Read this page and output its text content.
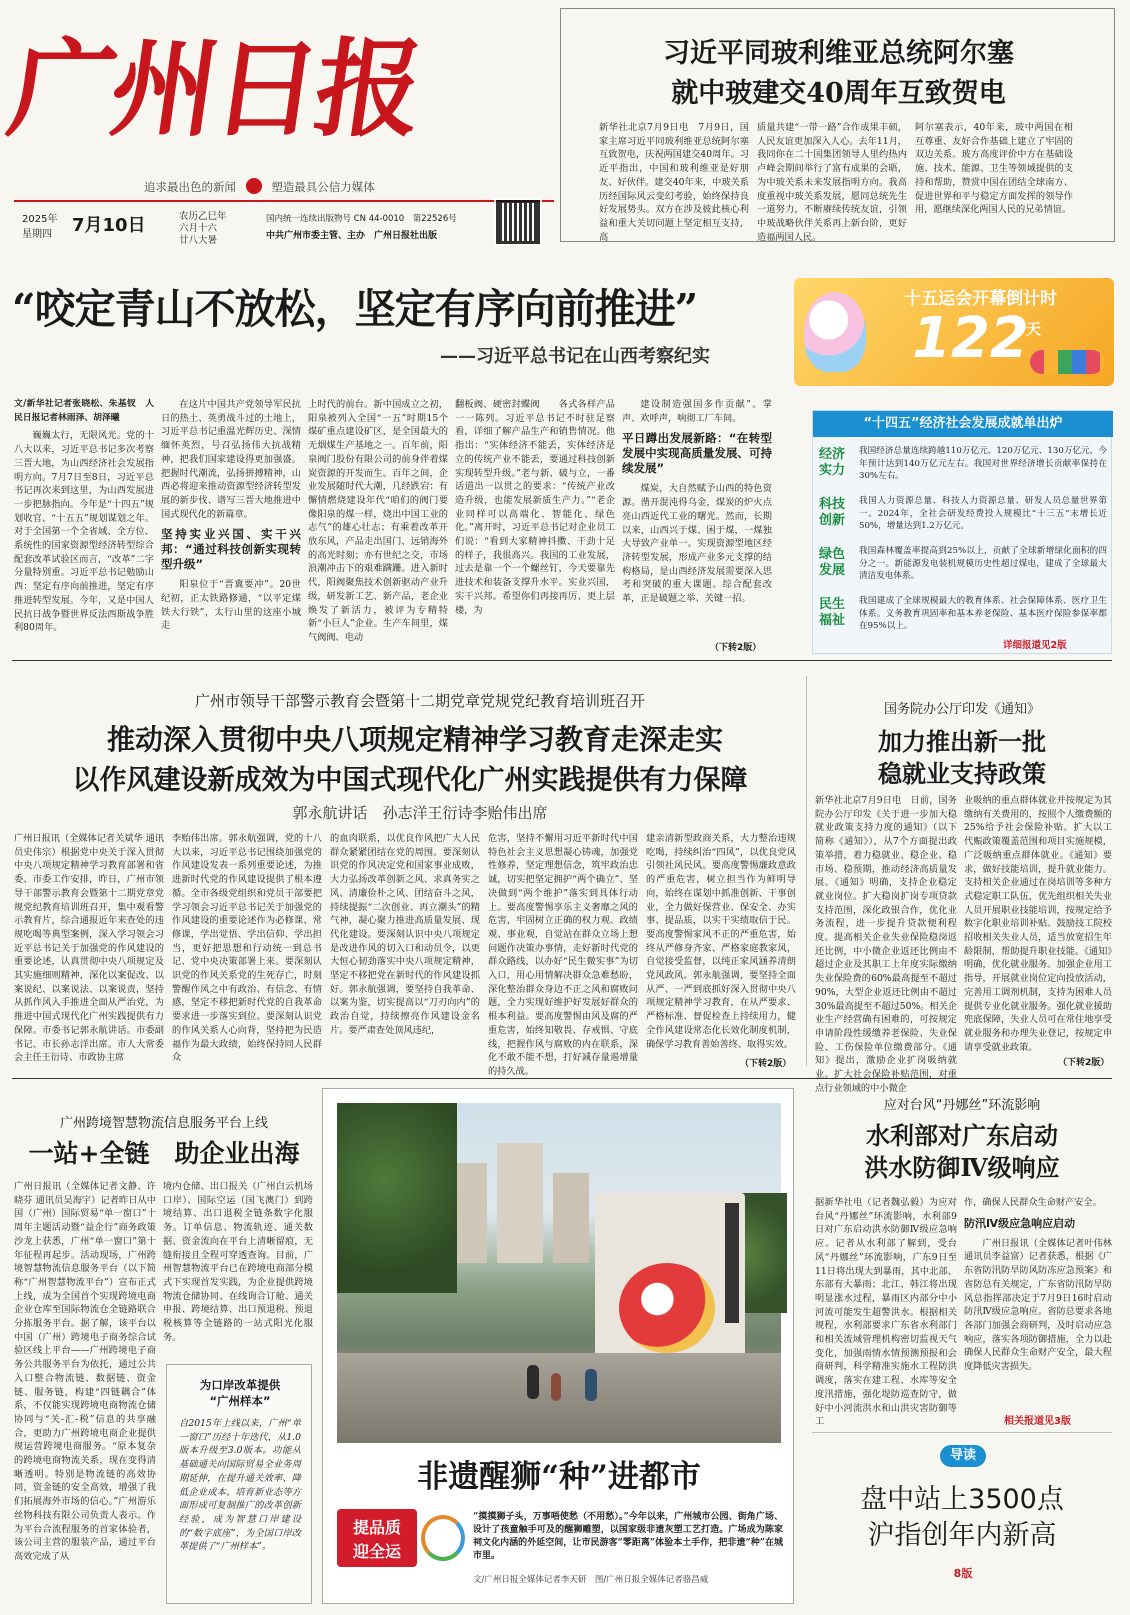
广州日报
追求最出色的新闻	塑造最具公信力媒体
2025年
星期四 7月10日	农历乙巳年
六月十六
廿八大暑
国内统一连续出版物号 CN 44-0010　第22526号
中共广州市委主管、主办　广州日报社出版
习近平同玻利维亚总统阿尔塞
就中玻建交40周年互致贺电
新华社北京7月9日电　7月9日，国家主席习近平同玻利维亚总统阿尔塞互致贺电，庆祝两国建交40周年。习近平指出，中国和玻利维亚是好朋友、好伙伴。建交40年来，中玻关系历经国际风云变幻考验，始终保持良好发展势头。双方在涉及彼此核心利益和重大关切问题上坚定相互支持，高
质量共建“一带一路”合作成果丰硕，人民友谊更加深入人心。去年11月，我同你在二十国集团领导人里约热内卢峰会期间举行了富有成果的会晤，为中玻关系未来发展指明方向。我高度重视中玻关系发展，愿同总统先生一道努力，不断赓续传统友谊，引领中玻战略伙伴关系再上新台阶，更好造福两国人民。
阿尔塞表示，40年来，玻中两国在相互尊重、友好合作基础上建立了牢固的双边关系。玻方高度评价中方在基础设施、技术、能源、卫生等领域提供的支持和帮助，赞赏中国在团结全球南方、促进世界和平与稳定方面发挥的领导作用，愿继续深化两国人民的兄弟情谊。
“咬定青山不放松，坚定有序向前推进”
——习近平总书记在山西考察纪实
文/新华社记者张晓松、朱基钗　人民日报记者林雨泽、胡泽曦

巍巍太行，无限风光。党的十八大以来，习近平总书记多次考察三晋大地，为山西经济社会发展指明方向。7月7日至8日，习近平总书记再次来到这里，为山西发展进一步把脉指向。今年是“十四五”规划收官、“十五五”规划谋划之年。对于全国第一个全省域、全方位、系统性的国家资源型经济转型综合配套改革试验区而言，“改革”二字分量特别重。习近平总书记勉励山西：坚定有序向前推进，坚定有序推进转型发展。今年，又是中国人民抗日战争暨世界反法西斯战争胜利80周年。

在这片中国共产党领导军民抗日的热土、英勇战斗过的土地上，习近平总书记重温光辉历史、深情缅怀英烈，号召弘扬伟大抗战精神，把我们国家建设得更加强盛。把握时代潮流，弘扬拼搏精神，山西必将迎来推动资源型经济转型发展的新步伐、谱写三晋大地推进中国式现代化的新篇章。

坚持实业兴国、实干兴邦：“通过科技创新实现转型升级”

阳泉位于“晋冀要冲”。20世纪初，正太铁路修通，“以平定煤铁大行铁”，太行山里的这座小城走

上时代的前台。新中国成立之初，阳泉被列入全国“一五”时期15个煤矿重点建设矿区，是全国最大的无烟煤生产基地之一。百年前，阳泉阀门股份有限公司的前身伴着煤炭资源的开发而生。百年之间，企业发展随时代大潮，几经跌宕：有懈情燃烧建设年代“咱们的阀门要像阳泉的煤一样，烧出中国工业的志气”的雄心壮志；有乘着改革开放东风，产品走出国门、远销海外的高光时刻；亦有世纪之交，市场浪潮冲击下的艰难蹒跚。进入新时代，阳阀聚焦技术创新驱动产业升级，研发新工艺、新产品，老企业焕发了新活力，被评为专精特新“小巨人”企业。生产车间里，煤气阀阀、电动
翻板阀、硬密封蝶阀　　各式各样产品一一陈列。习近平总书记不时驻足察看，详细了解产品生产和销售情况。他指出：“实体经济不能丢，实体经济是立的传统产业不能丢，要通过科技创新实现转型升级。”老与新、破与立，一番话道出一以贯之的要求：“传统产业改造升级，也能发展新质生产力。”“老企业同样可以高端化、智能化、绿色化。”离开时，习近平总书记对企业员工们说：“看到大家精神抖擞、干劲十足的样子，我很高兴。我国的工业发展，过去是靠一个一个螺丝钉，今天要靠先进技术和装备支撑升水平。实业兴国，实干兴邦。希望你们再接再厉、更上层楼，为

建设制造强国多作贡献”。掌声、欢呼声，响彻工厂车间。

平日蹲出发展新路：“在转型发展中实现高质量发展、可持续发展”

煤炭，大自然赋予山西的特色资源。凿开混沌得乌金，煤炭的炉火点亮山西近代工业的曙光。然而，长期以来，山西兴于煤、困于煤，一煤独大导致产业单一。实现资源型地区经济转型发展，形成产业多元支撑的结构格局，是山西经济发展需要深入思考和突破的重大课题。综合配套改革，正是破题之举、关键一招。

（下转2版）
十五运会开幕倒计时
122
天
“十四五”经济社会发展成就单出炉
经济实力
我国经济总量连续跨越110万亿元、120万亿元、130万亿元，今年预计达到140万亿元左右。我国对世界经济增长贡献率保持在30%左右。
科技创新
我国人力资源总量、科技人力资源总量、研发人员总量世界第一。2024年，全社会研发经费投入规模比“十三五”末增长近50%，增量达到1.2万亿元。
绿色发展
我国森林覆盖率提高到25%以上，贡献了全球新增绿化面积的四分之一。新能源发电装机规模历史性超过煤电，建成了全球最大清洁发电体系。
民生福祉
我国建成了全球规模最大的教育体系、社会保障体系、医疗卫生体系。义务教育巩固率和基本养老保险、基本医疗保险参保率都在95%以上。
详细报道见2版
广州市领导干部警示教育会暨第十二期党章党规党纪教育培训班召开
推动深入贯彻中央八项规定精神学习教育走深走实
以作风建设新成效为中国式现代化广州实践提供有力保障
郭永航讲话　孙志洋王衍诗李贻伟出席
广州日报讯（全媒体记者关斌华 通讯员史伟宗）根据党中央关于深入贯彻中央八项规定精神学习教育部署和省委、市委工作安排，昨日，广州市领导干部警示教育会暨第十二期党章党规党纪教育培训班召开，集中观看警示教育片，综合通报近年来查处的违规吃喝等典型案例，深入学习领会习近平总书记关于加强党的作风建设的重要论述，认真贯彻中央八项规定及其实施细则精神，深化以案促改、以案说纪、以案说法、以案说责，坚持从抓作风入手推进全面从严治党，为推进中国式现代化广州实践提供有力保障。市委书记郭永航讲话。市委副书记、市长孙志洋出席。市人大常委会主任王衍诗、市政协主席
李贻伟出席。郭永航强调，党的十八大以来，习近平总书记围绕加强党的作风建设发表一系列重要论述，为推进新时代党的作风建设提供了根本遵循。全市各级党组织和党员干部要把学习领会习近平总书记关于加强党的作风建设的重要论述作为必修课、常修课，学出觉悟、学出信仰、学出担当，更好把思想和行动统一到总书记、党中央决策部署上来。要深刻认识党的作风关系党的生死存亡，时刻警醒作风之中有政治、有信念、有情感，坚定不移把新时代党的自我革命要求进一步落实到位。要深刻认识党的作风关系人心向背，坚持把为民造福作为最大政绩，始终保持同人民群众
的血肉联系，以优良作风把广大人民群众紧紧团结在党的周围。要深刻认识党的作风决定党和国家事业成败，大力弘扬改革创新之风、求真务实之风、清廉俭朴之风、团结奋斗之风，持续提振“二次创业、再立潮头”的精气神，凝心聚力推进高质量发展、现代化建设。要深刻认识中央八项规定是改进作风的切入口和动员令，以更大恒心韧劲落实中央八项规定精神，坚定不移把党在新时代的作风建设抓好。郭永航强调，要坚持自我革命、以案为鉴，切实提高以“刀刃向内”的政治自觉，持续擦亮作风建设金名片。要严肃查处顶风违纪，
危害，坚持不懈用习近平新时代中国特色社会主义思想凝心铸魂，加强党性修养，坚定理想信念，筑牢政治忠诚，切实把坚定拥护“两个确立”、坚决做到“两个维护”落实到具体行动上。要高度警惕享乐主义奢靡之风的危害，牢固树立正确的权力观、政绩观、事业观，自觉站在群众立场上想问题作决策办事情，走好新时代党的群众路线，以办好“民生微实事”为切入口，用心用情解决群众急难愁盼，深化整治群众身边不正之风和腐败问题，全力实现好维护好发展好群众的根本利益。要高度警惕由风及腐的严重危害，始终知敬畏、存戒惧、守底线，把握作风与腐败的内在联系，深化不敢不能不想，打好减存量遏增量的持久战。
建亲清新型政商关系，大力整治违规吃喝，持续纠治“四风”，以优良党风引领社风民风。要高度警惕廉政意政的严重危害，树立担当作为鲜明导向，始终在谋划中抓准创新、干事创业，全力做好保营业、保安全、办实事、提品质，以实干实绩取信于民。要高度警惕家风不正的严重危害，始终从严修身齐家、严格家庭教家风，自觉接受监督，以纯正家风涵养清朗党风政风。郭永航强调，要坚持全面从严、一严到底抓好深入贯彻中央八项规定精神学习教育，在从严要求、严格标准、督促检查上持续用力，健全作风建设常态化长效化制度机制，确保学习教育善始善终、取得实效。
（下转2版）
国务院办公厅印发《通知》
加力推出新一批
稳就业支持政策
新华社北京7月9日电　日前，国务院办公厅印发《关于进一步加大稳就业政策支持力度的通知》（以下简称《通知》），从7个方面提出政策举措，着力稳就业、稳企业、稳市场、稳预期，推动经济高质量发展。《通知》明确，支持企业稳定就业岗位。扩大稳岗扩岗专项贷款支持范围，深化政银合作，优化业务流程，进一步提升贷款便利程度。提高相关企业失业保险稳岗返还比例，中小微企业返还比例由不超过企业及其职工上年度实际缴纳失业保险费的60%最高提至不超过90%，大型企业返还比例由不超过30%最高提至不超过50%。相关企业生产经营确有困难的，可按规定申请阶段性缓缴养老保险、失业保险、工伤保险单位缴费部分。《通知》提出，激励企业扩岗吸纳就业。扩大社会保险补贴范围，对重点行业领域的中小微企
业吸纳的重点群体就业并按规定为其缴纳有关费用的，按照个人缴费额的25%给予社会保险补贴。扩大以工代赈政策覆盖范围和项目实施规模，广泛吸纳重点群体就业。《通知》要求，做好技能培训，提升就业能力。支持相关企业通过在岗培训等多种方式稳定职工队伍，优先组织相关失业人员开展职业技能培训，按规定给予数字化职业培训补贴。鼓励技工院校招收相关失业人员，适当放宽招生年龄限制，帮助提升职业技能。《通知》明确，优化就业服务。加强企业用工指导，开展就业岗位定向投放活动，完善用工调剂机制，支持为困难人员提供专业化就业服务。强化就业援助兜底保障，失业人员可在常住地享受就业服务和办理失业登记，按规定申请享受就业政策。
（下转2版）
广州跨境智慧物流信息服务平台上线
一站+全链　助企业出海
广州日报讯（全媒体记者文静、许晓芬 通讯员吴海宇）记者昨日从中国（广州）国际贸易“单一窗口”十周年主题活动暨“益企行”商务政策沙龙上获悉，广州“单一窗口”第十年征程再起步。活动现场，广州跨境智慧物流信息服务平台（以下简称“广州智慧物流平台”）宣布正式上线，成为全国首个实现跨境电商企业仓库至国际物流仓全链路联合分拣服务平台。据了解，该平台以中国（广州）跨境电子商务综合试验区线上平台——广州跨境电子商务公共服务平台为依托，通过公共入口整合物流链、数据链、资金链、服务链，构建“四链耦合”体系，不仅能实现跨境电商物流仓储协同与“关-汇-税”信息的共享融合，更助力广州跨境电商企业提供规运营跨境电商服务。“原本复杂的跨境电商物流关系，现在变得清晰透明。特别是物流链的高效协同，资金链的安全高效，增强了我们拓展海外市场的信心。”广州游乐丝物科技有限公司负责人表示。作为平台合流程服务的首家体验者，该公司主营的服装产品，通过平台高效完成了从
境内仓储、出口报关（广州白云机场口岸）、国际空运（国飞澳门）到跨境结算、出口退税全链条数字化服务。订单信息、物流轨迹、通关数据、资金流向在平台上清晰留痕，无缝衔接且全程可穿透查询。目前，广州智慧物流平台已在跨境电商部分模式下实现首发实践，为企业提供跨境物流仓储协同、在线询合订舱、通关申报、跨境结算、出口预退税、预退税核算等全链路的一站式阳光化服务。
为口岸改革提供
“广州样本”
自2015年上线以来，广州“单一窗口”历经十年迭代，从1.0版本升级至3.0版本。功能从基础通关向国际贸易全业务周期延伸，在提升通关效率、降低企业成本、培育新业态等方面形成可复制推广的改革创新经验，成为智慧口岸建设的“数字底座”，为全国口岸改革提供了“广州样本”。
非遗醒狮“种”进都市
提品质
迎全运
“摸摸狮子头，万事唔使愁（不用愁）。”今年以来，广州城市公园、街角广场、设计了孩童触手可及的醒狮雕塑，以国家级非遗灰塑工艺打造。广场成为陈家祠文化内涵的外延空间，让市民游客“零距离”体验本土手作，把非遗“种”在城市里。
文/广州日报全媒体记者李天研　图/广州日报全媒体记者骆昌威
应对台风“丹娜丝”环流影响
水利部对广东启动
洪水防御Ⅳ级响应
据新华社电（记者魏弘毅）为应对台风“丹娜丝”环流影响，水利部9日对广东启动洪水防御Ⅳ级应急响应。记者从水利部了解到，受台风“丹娜丝”环流影响，广东9日至11日将出现大到暴雨，其中北部、东部有大暴雨；北江、韩江将出现明显涨水过程，暴雨区内部分中小河流可能发生超警洪水。根据相关规程，水利部要求广东省水利部门和相关流域管理机构密切监视天气变化，加强雨情水情预测预报和会商研判，科学精准实施水工程防洪调度，落实在建工程、水库等安全度汛措施，强化堤防巡查防守，做好中小河流洪水和山洪灾害防御等工

作，确保人民群众生命财产安全。

防汛Ⅳ级应急响应启动

广州日报讯（全媒体记者叶伟林 通讯员李益富）记者获悉，根据《广东省防汛防旱防风防冻应急预案》和省防总有关规定，广东省防汛防旱防风总指挥部决定于7月9日16时启动防汛Ⅳ级应急响应。省防总要求各地各部门加强会商研判，及时启动应急响应，落实各项防御措施，全力以赴确保人民群众生命财产安全，最大程度降低灾害损失。

相关报道见3版
导读
盘中站上3500点
沪指创年内新高
8版
